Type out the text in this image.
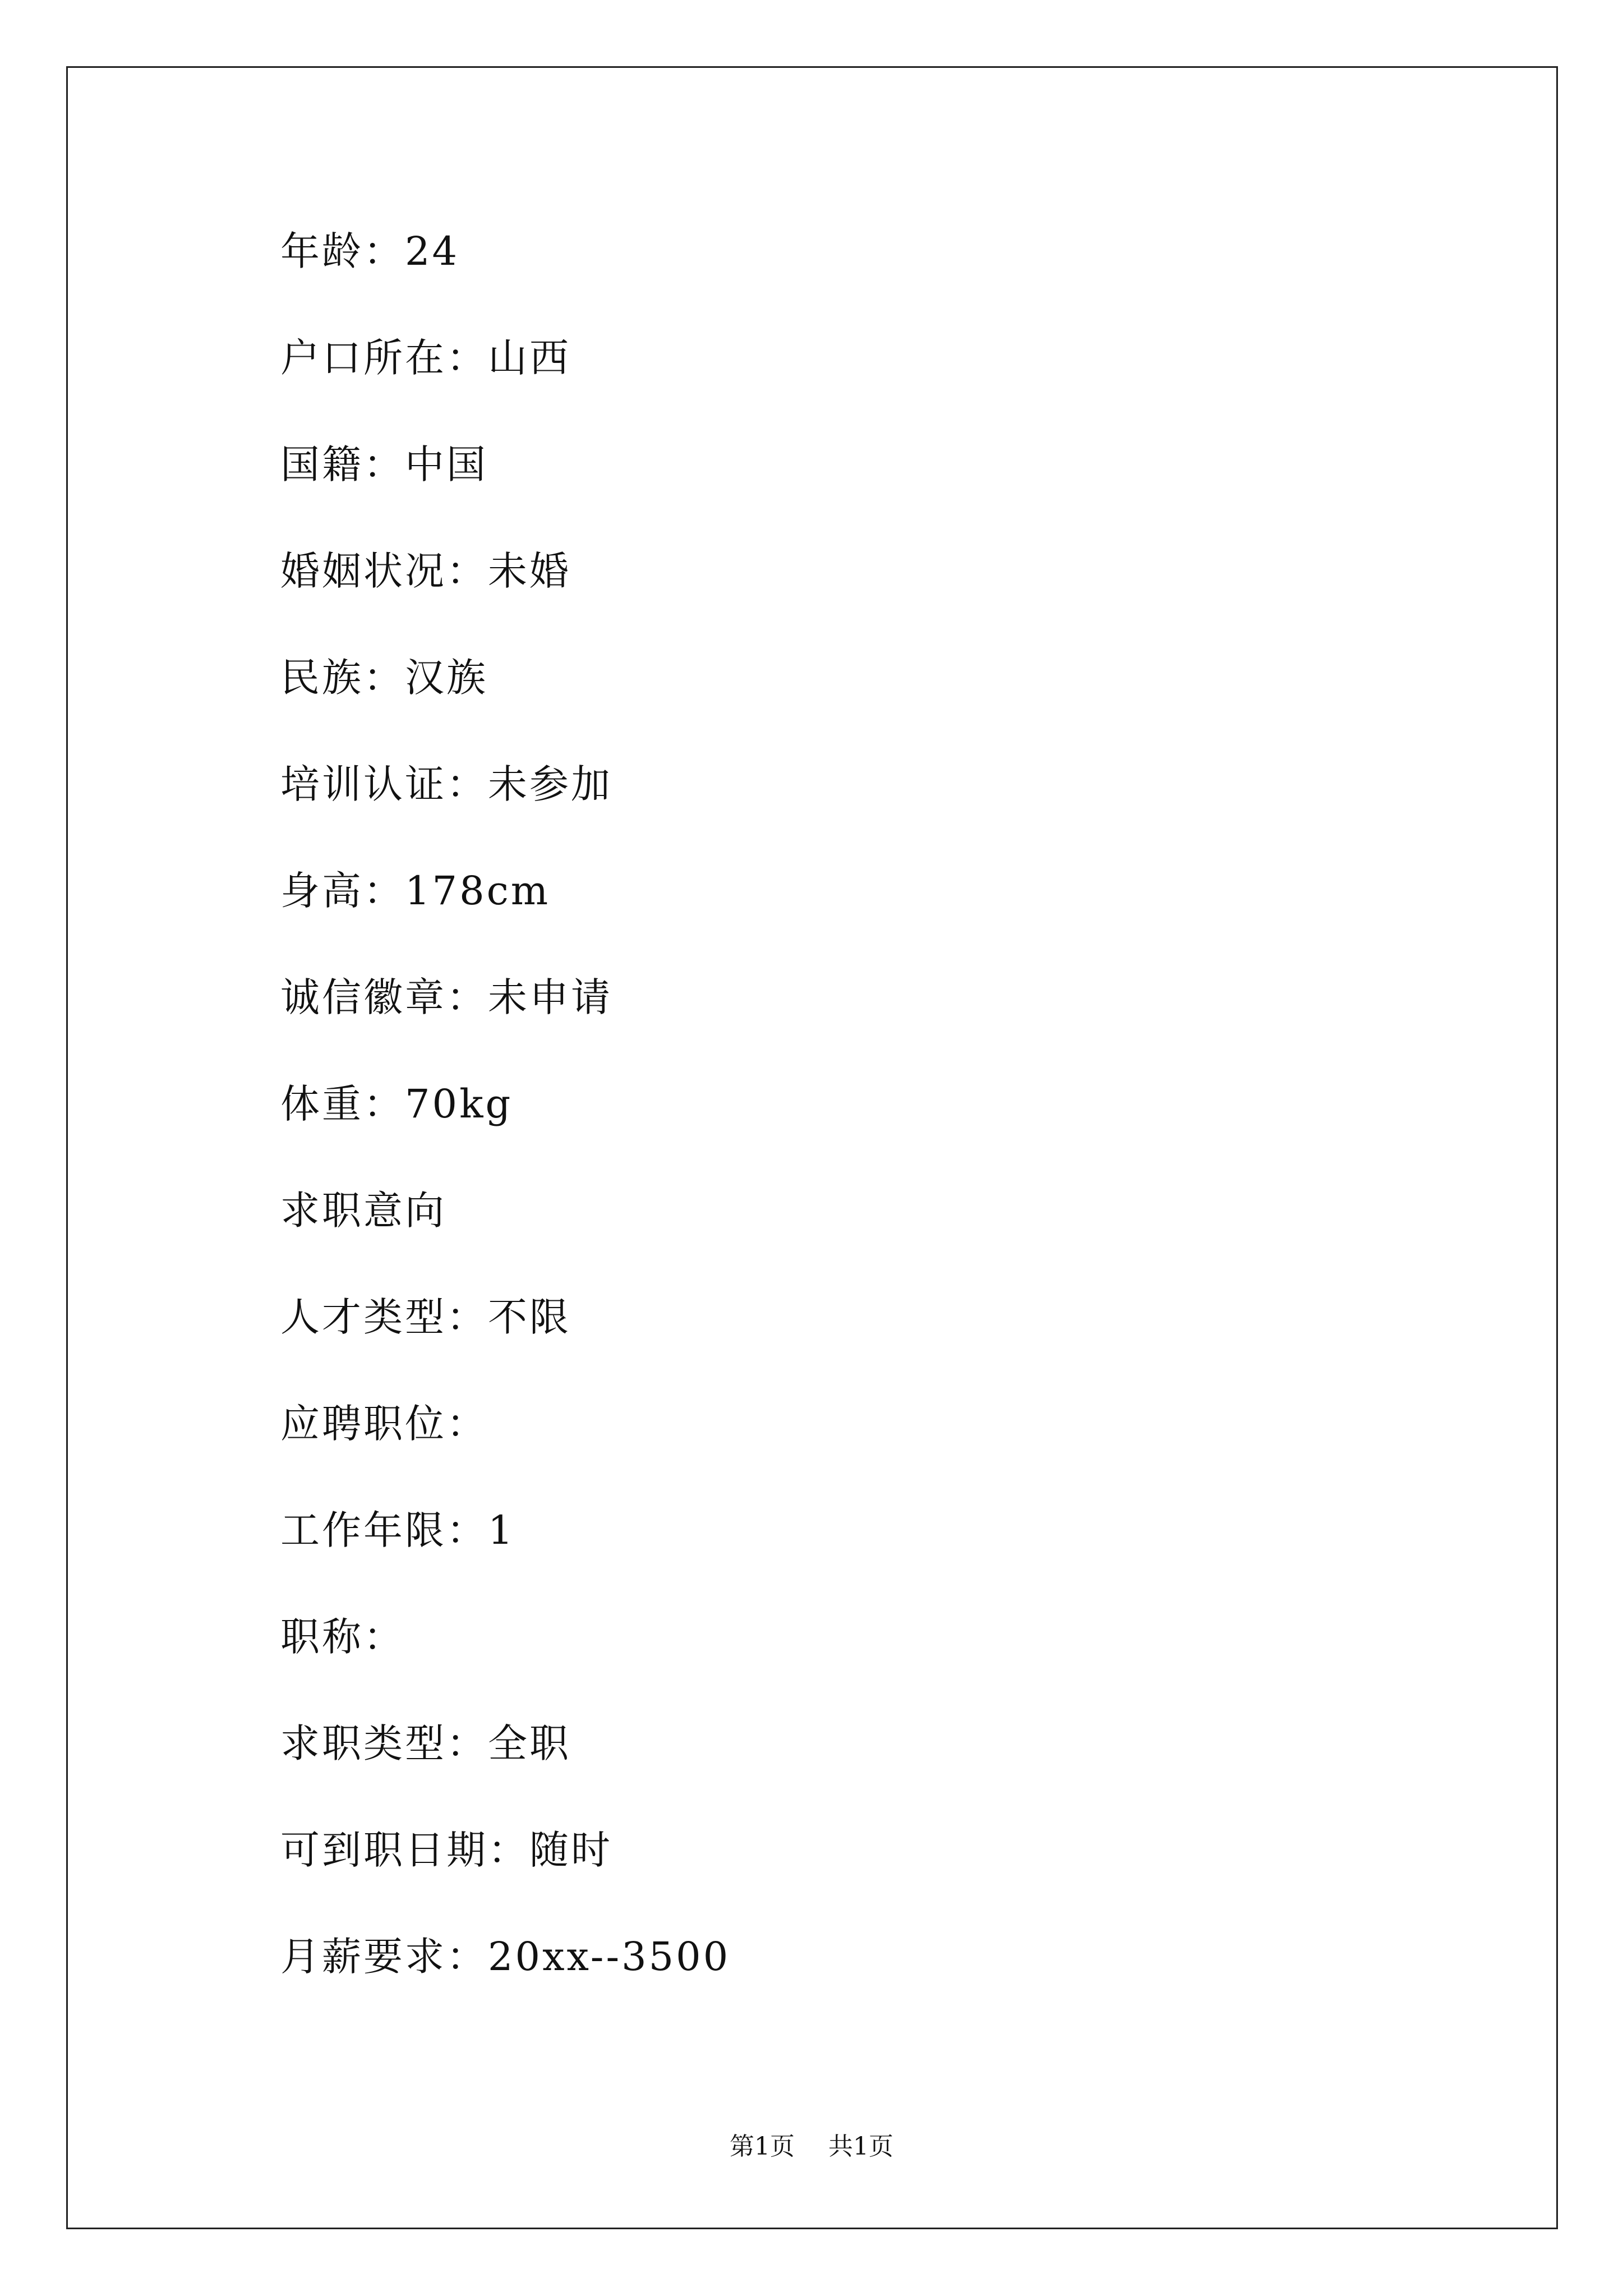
年龄：24
户口所在：山西
国籍：中国
婚姻状况：未婚
民族：汉族
培训认证：未参加
身高：178cm
诚信徽章：未申请
体重：70kg
求职意向
人才类型：不限
应聘职位：
工作年限：1
职称：
求职类型：全职
可到职日期：随时
月薪要求：20xx--3500
第1页 共1页
